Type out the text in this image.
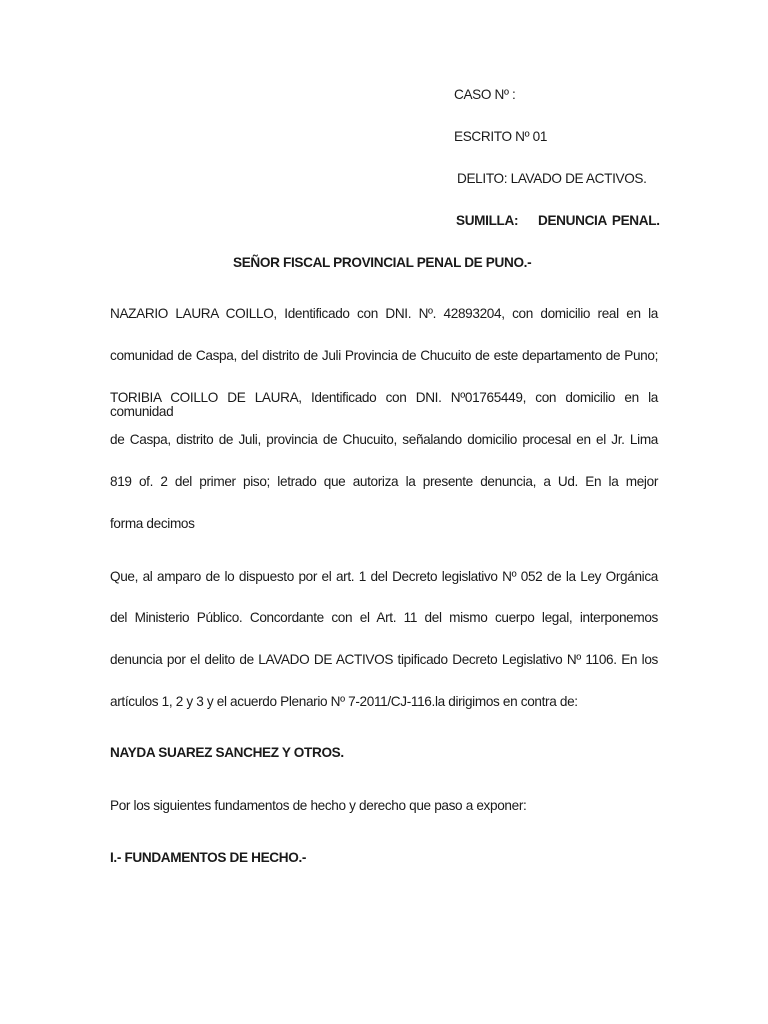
CASO Nº :
ESCRITO Nº 01
DELITO: LAVADO DE ACTIVOS.
SUMILLA: DENUNCIA PENAL.
SEÑOR FISCAL PROVINCIAL PENAL DE PUNO.-
NAZARIO LAURA COILLO, Identificado con DNI. Nº. 42893204, con domicilio real en la
comunidad de Caspa, del distrito de Juli Provincia de Chucuito de este departamento de Puno;
TORIBIA COILLO DE LAURA, Identificado con DNI. Nº01765449, con domicilio en la comunidad
de Caspa, distrito de Juli, provincia de Chucuito, señalando domicilio procesal en el Jr. Lima
819 of. 2 del primer piso; letrado que autoriza la presente denuncia, a Ud. En la mejor
forma decimos
Que, al amparo de lo dispuesto por el art. 1 del Decreto legislativo Nº 052 de la Ley Orgánica
del Ministerio Público. Concordante con el Art. 11 del mismo cuerpo legal, interponemos
denuncia por el delito de LAVADO DE ACTIVOS tipificado Decreto Legislativo Nº 1106. En los
artículos 1, 2 y 3 y el acuerdo Plenario Nº 7-2011/CJ-116.la dirigimos en contra de:
NAYDA SUAREZ SANCHEZ Y OTROS.
Por los siguientes fundamentos de hecho y derecho que paso a exponer:
I.- FUNDAMENTOS DE HECHO.-
